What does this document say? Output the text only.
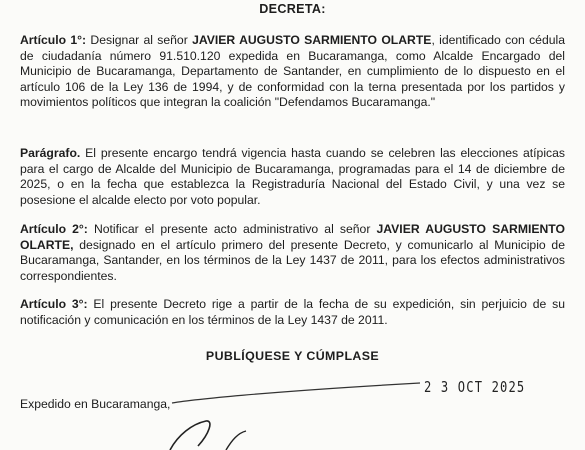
DECRETA:
Artículo 1°: Designar al señor JAVIER AUGUSTO SARMIENTO OLARTE, identificado con cédula de ciudadanía número 91.510.120 expedida en Bucaramanga, como Alcalde Encargado del Municipio de Bucaramanga, Departamento de Santander, en cumplimiento de lo dispuesto en el artículo 106 de la Ley 136 de 1994, y de conformidad con la terna presentada por los partidos y movimientos políticos que integran la coalición "Defendamos Bucaramanga."
Parágrafo. El presente encargo tendrá vigencia hasta cuando se celebren las elecciones atípicas para el cargo de Alcalde del Municipio de Bucaramanga, programadas para el 14 de diciembre de 2025, o en la fecha que establezca la Registraduría Nacional del Estado Civil, y una vez se posesione el alcalde electo por voto popular.
Artículo 2°: Notificar el presente acto administrativo al señor JAVIER AUGUSTO SARMIENTO OLARTE, designado en el artículo primero del presente Decreto, y comunicarlo al Municipio de Bucaramanga, Santander, en los términos de la Ley 1437 de 2011, para los efectos administrativos correspondientes.
Artículo 3°: El presente Decreto rige a partir de la fecha de su expedición, sin perjuicio de su notificación y comunicación en los términos de la Ley 1437 de 2011.
PUBLÍQUESE Y CÚMPLASE
2 3 OCT 2025
Expedido en Bucaramanga,
